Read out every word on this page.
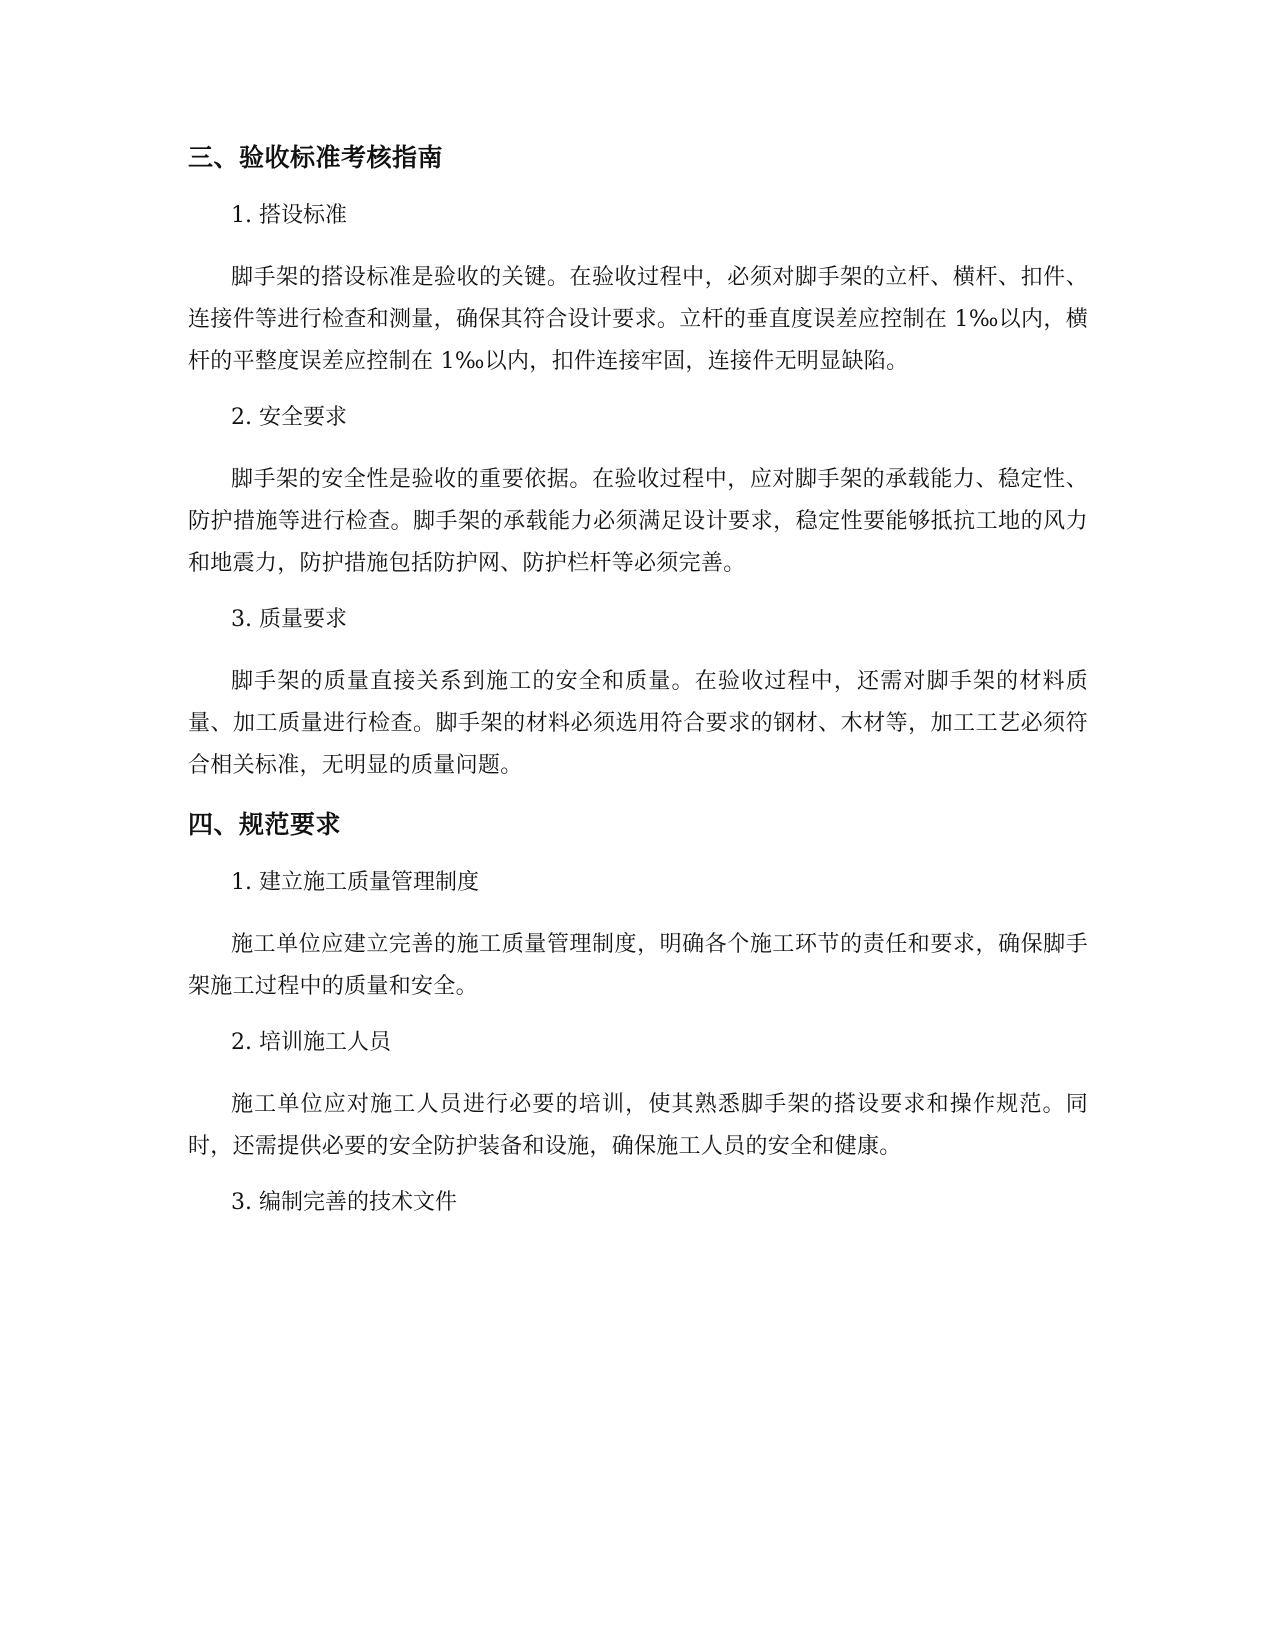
三、验收标准考核指南
1. 搭设标准

脚手架的搭设标准是验收的关键。在验收过程中，必须对脚手架的立杆、横杆、扣件、连接件等进行检查和测量，确保其符合设计要求。立杆的垂直度误差应控制在 1‰以内，横杆的平整度误差应控制在 1‰以内，扣件连接牢固，连接件无明显缺陷。

2. 安全要求

脚手架的安全性是验收的重要依据。在验收过程中，应对脚手架的承载能力、稳定性、防护措施等进行检查。脚手架的承载能力必须满足设计要求，稳定性要能够抵抗工地的风力和地震力，防护措施包括防护网、防护栏杆等必须完善。

3. 质量要求

脚手架的质量直接关系到施工的安全和质量。在验收过程中，还需对脚手架的材料质量、加工质量进行检查。脚手架的材料必须选用符合要求的钢材、木材等，加工工艺必须符合相关标准，无明显的质量问题。

四、规范要求
1. 建立施工质量管理制度

施工单位应建立完善的施工质量管理制度，明确各个施工环节的责任和要求，确保脚手架施工过程中的质量和安全。

2. 培训施工人员

施工单位应对施工人员进行必要的培训，使其熟悉脚手架的搭设要求和操作规范。同时，还需提供必要的安全防护装备和设施，确保施工人员的安全和健康。

3. 编制完善的技术文件
